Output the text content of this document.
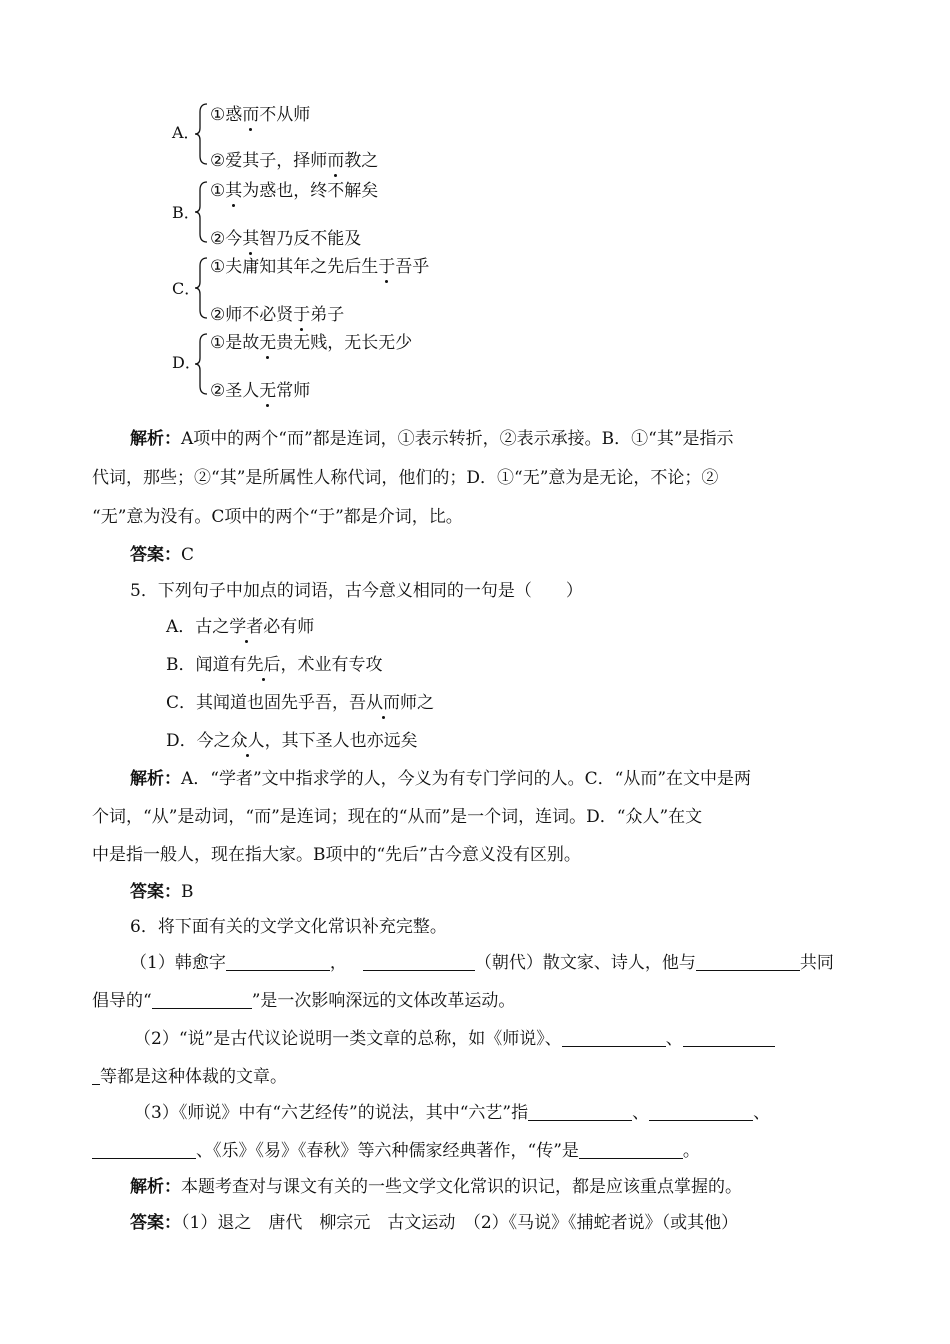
A．
①惑而不从师
②爱其子，择师而教之
B．
①其为惑也，终不解矣
②今其智乃反不能及
C．
①夫庸知其年之先后生于吾乎
②师不必贤于弟子
D．
①是故无贵无贱，无长无少
②圣人无常师
解析：A项中的两个“而”都是连词，①表示转折，②表示承接。B．①“其”是指示
代词，那些；②“其”是所属性人称代词，他们的；D．①“无”意为是无论，不论；②
“无”意为没有。C项中的两个“于”都是介词，比。
答案：C
5．下列句子中加点的词语，古今意义相同的一句是（　　）
A．古之学者必有师
B．闻道有先后，术业有专攻
C．其闻道也固先乎吾，吾从而师之
D．今之众人，其下圣人也亦远矣
解析：A．“学者”文中指求学的人，今义为有专门学问的人。C．“从而”在文中是两
个词，“从”是动词，“而”是连词；现在的“从而”是一个词，连词。D．“众人”在文
中是指一般人，现在指大家。B项中的“先后”古今意义没有区别。
答案：B
6．将下面有关的文学文化常识补充完整。
（1）韩愈字	，	（朝代）散文家、诗人，他与	共同
倡导的“	”是一次影响深远的文体改革运动。
（2）“说”是古代议论说明一类文章的总称，如《师说》、	、
等都是这种体裁的文章。
（3）《师说》中有“六艺经传”的说法，其中“六艺”指	、	、
、《乐》《易》《春秋》等六种儒家经典著作，“传”是	。
解析：本题考查对与课文有关的一些文学文化常识的识记，都是应该重点掌握的。
答案：（1）退之　唐代　柳宗元　古文运动　（2）《马说》《捕蛇者说》（或其他）
